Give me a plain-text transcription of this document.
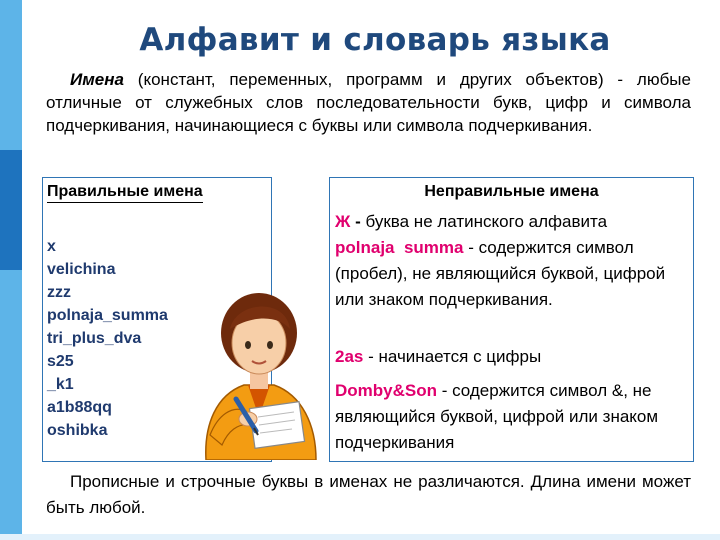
Алфавит и словарь языка

Имена (констант, переменных, программ и других объектов) - любые отличные от служебных слов последовательности букв, цифр и символа подчеркивания, начинающиеся с буквы или символа подчеркивания.

Правильные имена
x
velichina
zzz
polnaja_summa
tri_plus_dva
s25
_k1
a1b88qq
oshibka
Неправильные имена

Ж - буква не латинского алфавита

polnaja  summa - содержится символ (пробел), не являющийся буквой, цифрой или знаком подчеркивания.

2as - начинается с цифры

Domby&Son - содержится символ &, не являющийся буквой, цифрой или знаком подчеркивания

Прописные и строчные буквы в именах не различаются. Длина имени может быть любой.
